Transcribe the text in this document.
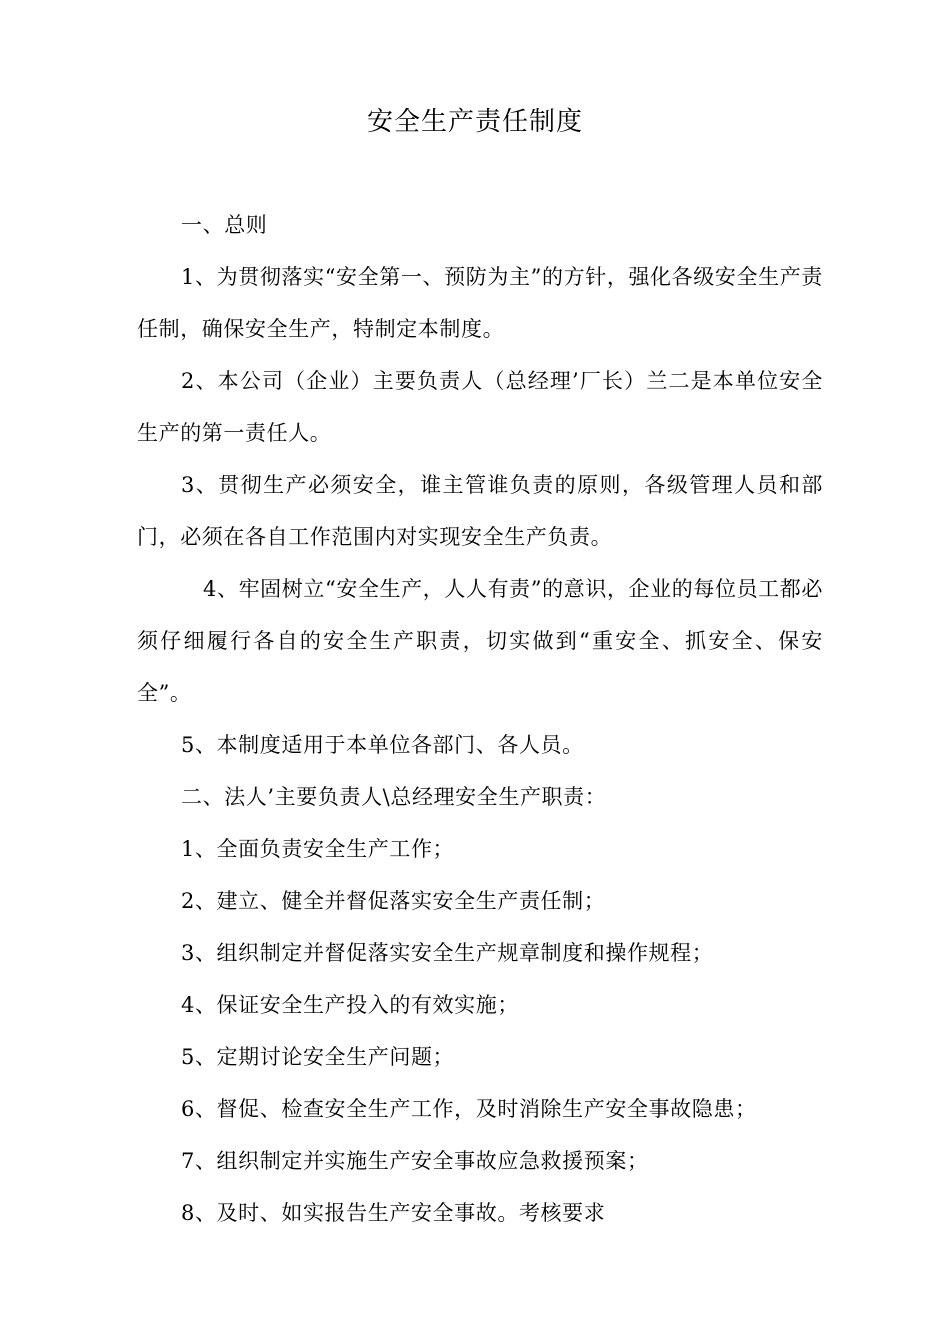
安全生产责任制度

一、总则

1、为贯彻落实“安全第一、预防为主”的方针，强化各级安全生产责任制，确保安全生产，特制定本制度。

2、本公司（企业）主要负责人（总经理’厂长）兰二是本单位安全生产的第一责任人。

3、贯彻生产必须安全，谁主管谁负责的原则，各级管理人员和部门，必须在各自工作范围内对实现安全生产负责。

4、牢固树立“安全生产，人人有责”的意识，企业的每位员工都必须仔细履行各自的安全生产职责，切实做到“重安全、抓安全、保安全”。

5、本制度适用于本单位各部门、各人员。

二、法人’主要负责人\总经理安全生产职责：

1、全面负责安全生产工作；

2、建立、健全并督促落实安全生产责任制；

3、组织制定并督促落实安全生产规章制度和操作规程；

4、保证安全生产投入的有效实施；

5、定期讨论安全生产问题；

6、督促、检查安全生产工作，及时消除生产安全事故隐患；

7、组织制定并实施生产安全事故应急救援预案；

8、及时、如实报告生产安全事故。考核要求
